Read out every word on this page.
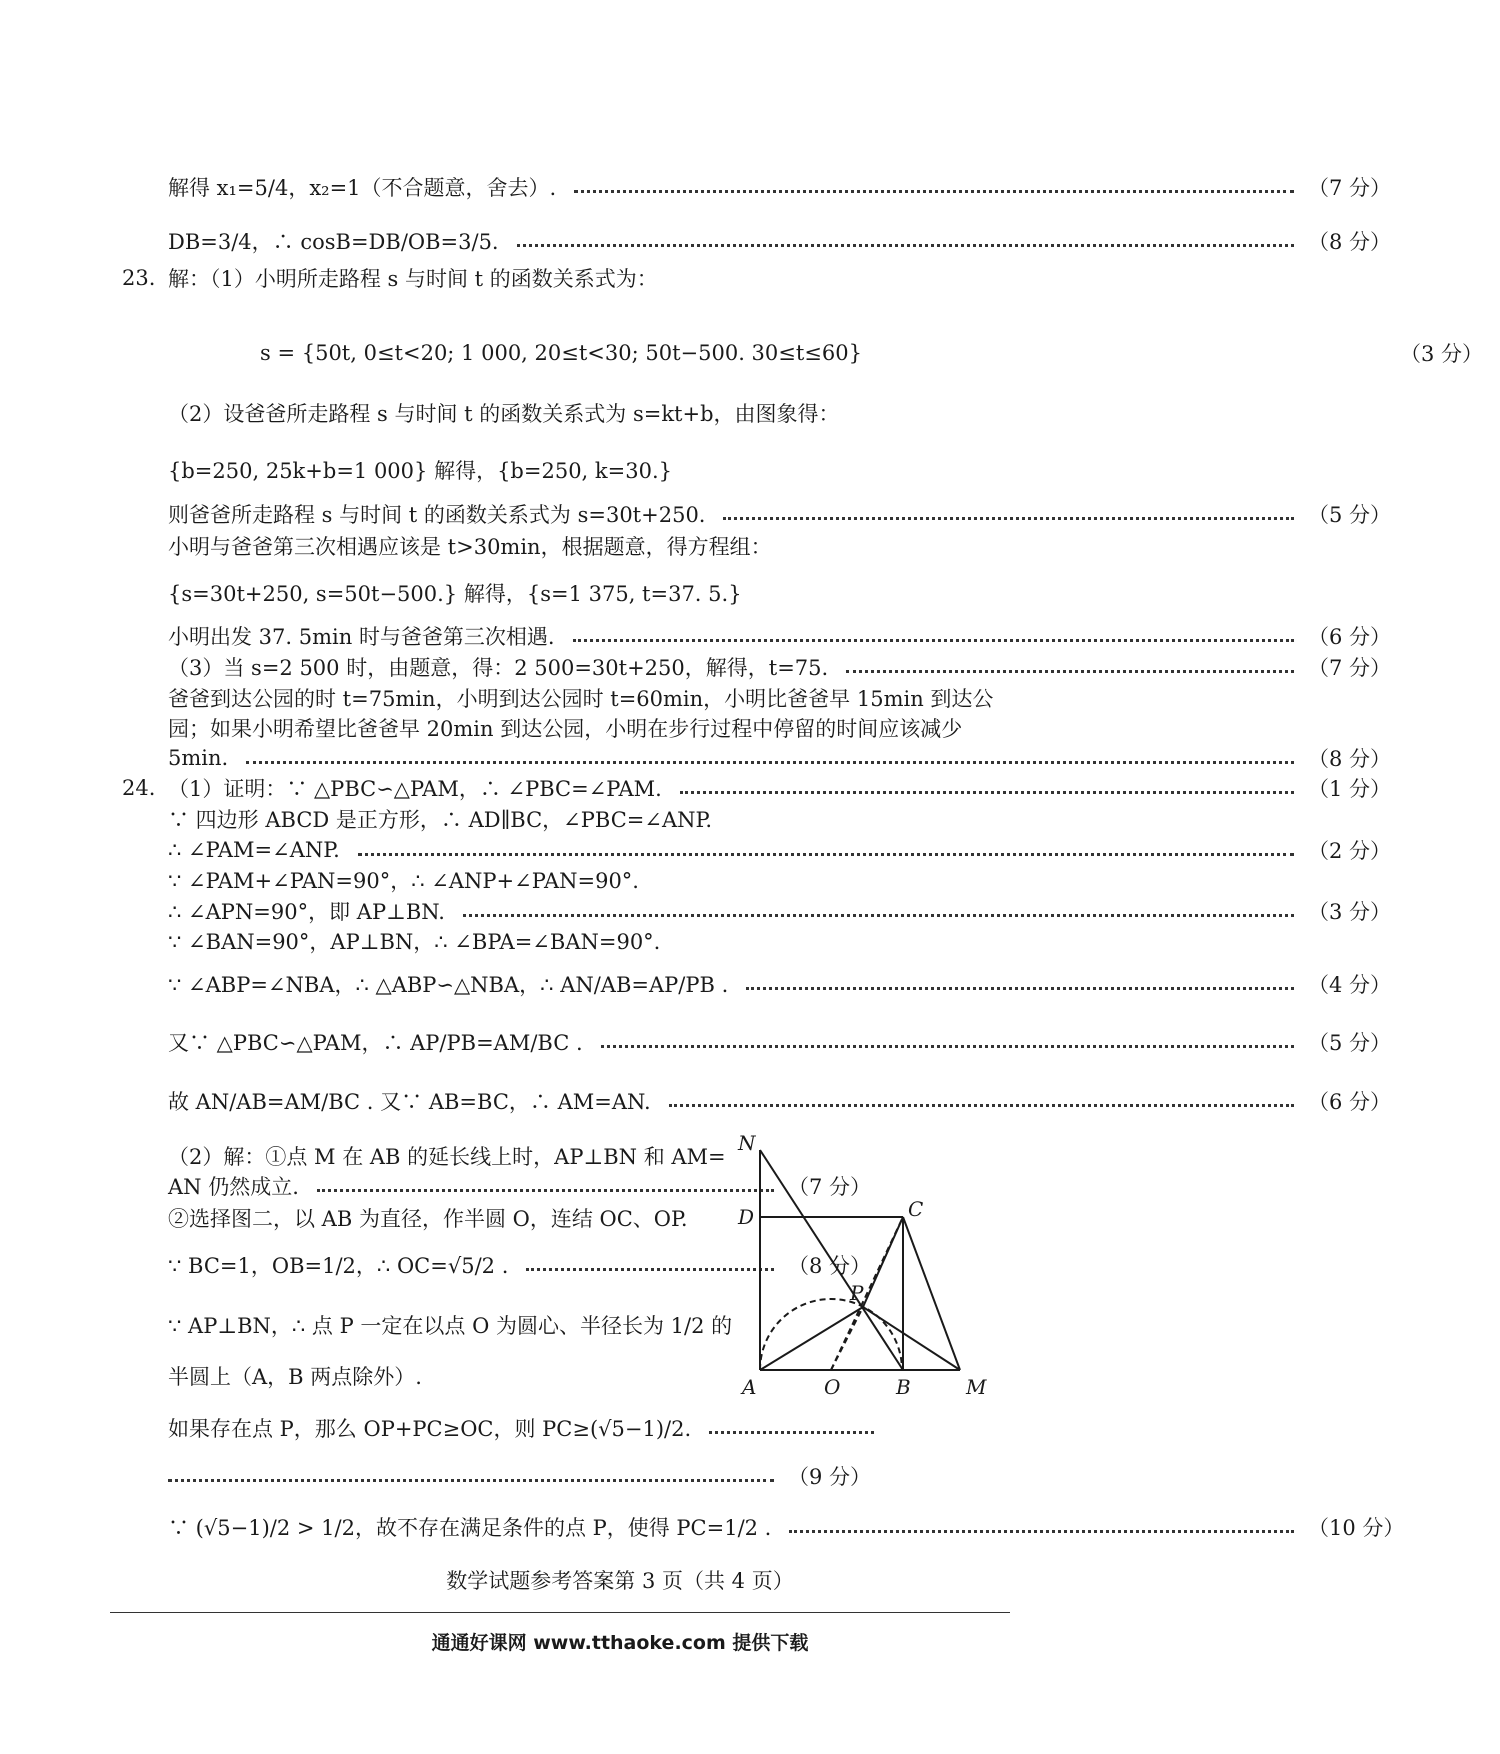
解得 x₁=5/4，x₂=1（不合题意，舍去）.	（7 分）
DB=3/4，∴ cosB=DB/OB=3/5.	（8 分）
23. 解：（1）小明所走路程 s 与时间 t 的函数关系式为：
s = {50t, 0≤t<20; 1 000, 20≤t<30; 50t−500. 30≤t≤60}	（3 分）
（2）设爸爸所走路程 s 与时间 t 的函数关系式为 s=kt+b，由图象得：
{b=250, 25k+b=1 000} 解得，{b=250, k=30.}
则爸爸所走路程 s 与时间 t 的函数关系式为 s=30t+250.	（5 分）
小明与爸爸第三次相遇应该是 t>30min，根据题意，得方程组：
{s=30t+250, s=50t−500.} 解得，{s=1 375, t=37. 5.}
小明出发 37. 5min 时与爸爸第三次相遇.	（6 分）
（3）当 s=2 500 时，由题意，得：2 500=30t+250，解得，t=75.	（7 分）
爸爸到达公园的时 t=75min，小明到达公园时 t=60min，小明比爸爸早 15min 到达公
园；如果小明希望比爸爸早 20min 到达公园，小明在步行过程中停留的时间应该减少
5min.	（8 分）
24. （1）证明：∵ △PBC∽△PAM，∴ ∠PBC=∠PAM.	（1 分）
∵ 四边形 ABCD 是正方形，∴ AD∥BC，∠PBC=∠ANP.
∴ ∠PAM=∠ANP.	（2 分）
∵ ∠PAM+∠PAN=90°，∴ ∠ANP+∠PAN=90°.
∴ ∠APN=90°，即 AP⊥BN.	（3 分）
∵ ∠BAN=90°，AP⊥BN，∴ ∠BPA=∠BAN=90°.
∵ ∠ABP=∠NBA，∴ △ABP∽△NBA，∴ AN/AB=AP/PB .	（4 分）
又∵ △PBC∽△PAM，∴ AP/PB=AM/BC .	（5 分）
故 AN/AB=AM/BC . 又∵ AB=BC，∴ AM=AN.	（6 分）
（2）解：①点 M 在 AB 的延长线上时，AP⊥BN 和 AM=
AN 仍然成立.	（7 分）
②选择图二，以 AB 为直径，作半圆 O，连结 OC、OP.
∵ BC=1，OB=1/2，∴ OC=√5/2 .	（8 分）
∵ AP⊥BN，∴ 点 P 一定在以点 O 为圆心、半径长为 1/2 的
半圆上（A，B 两点除外）.
如果存在点 P，那么 OP+PC≥OC，则 PC≥(√5−1)/2.
（9 分）
∵ (√5−1)/2 > 1/2，故不存在满足条件的点 P，使得 PC=1/2 .	（10 分）
N
D	C
P
A	O	B	M
数学试题参考答案第 3 页（共 4 页）
通通好课网 www.tthaoke.com 提供下载
